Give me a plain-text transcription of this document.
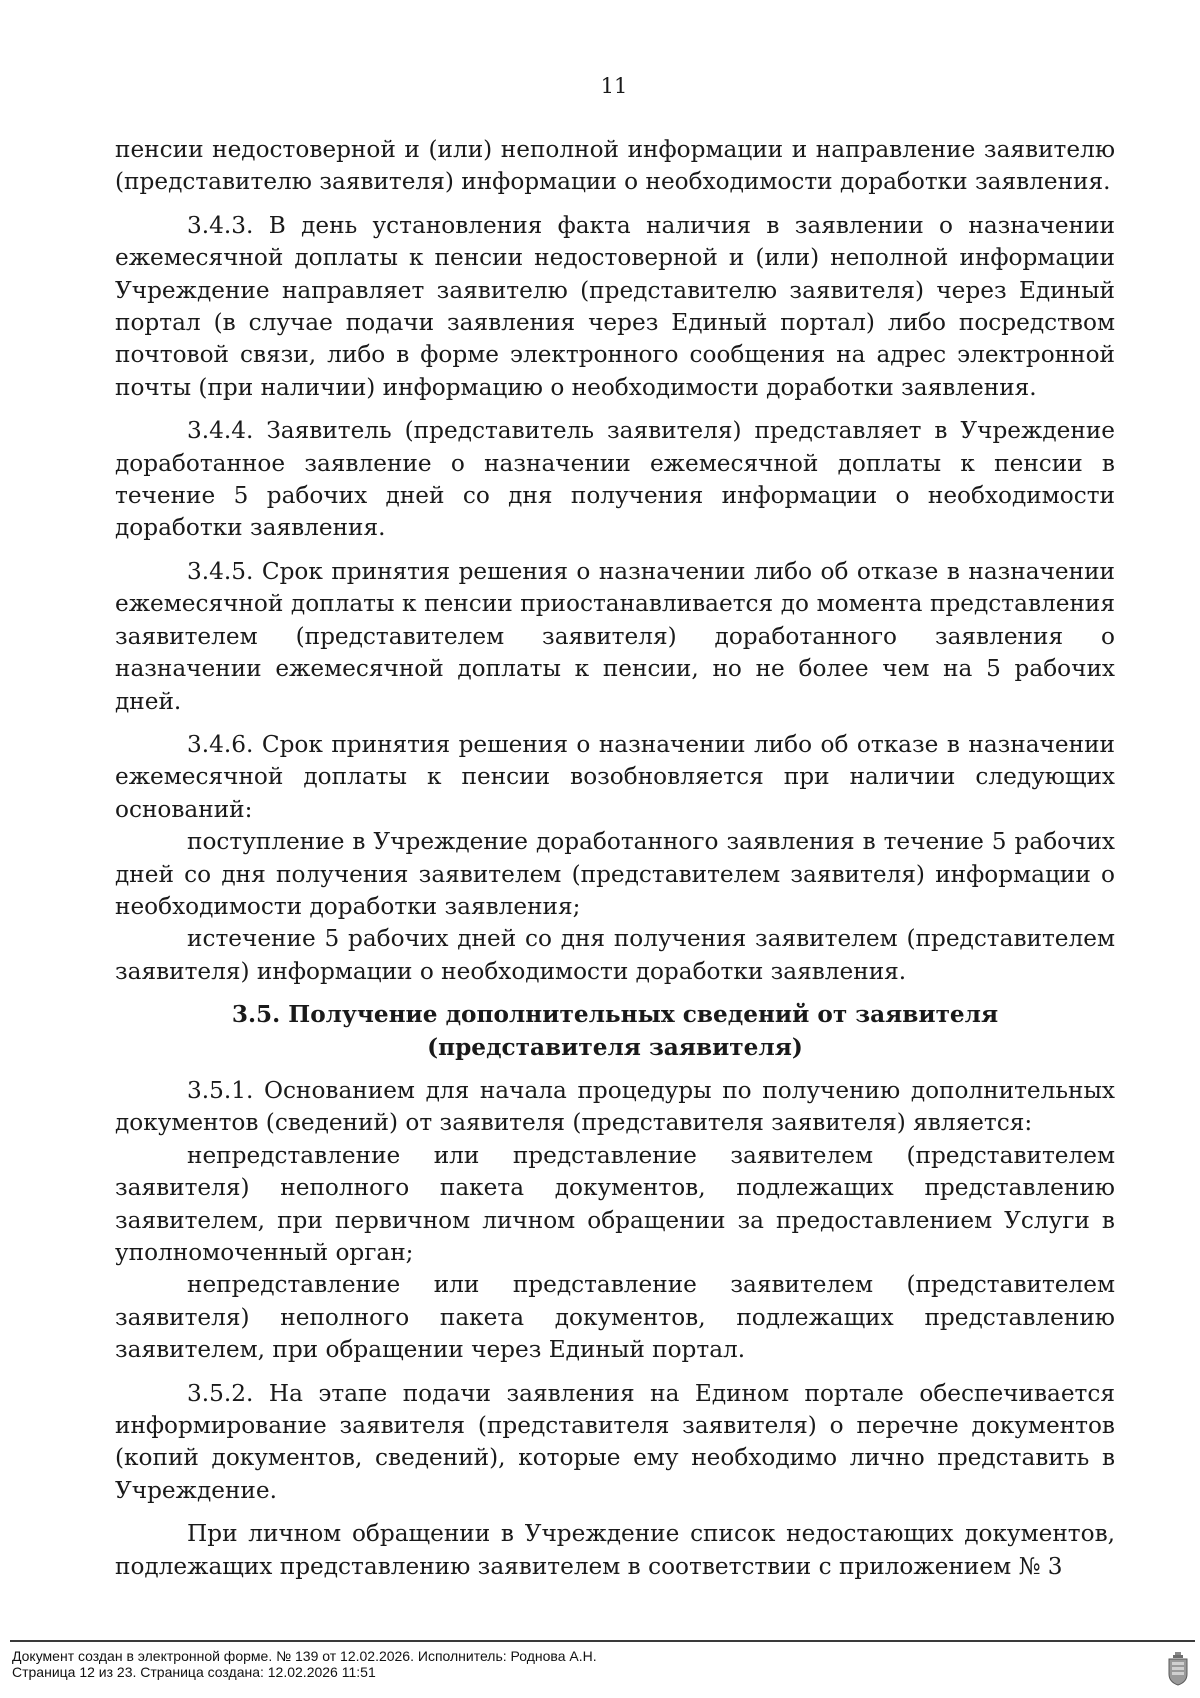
11

пенсии недостоверной и (или) неполной информации и направление заявителю (представителю заявителя) информации о необходимости доработки заявления.

3.4.3. В день установления факта наличия в заявлении о назначении ежемесячной доплаты к пенсии недостоверной и (или) неполной информации Учреждение направляет заявителю (представителю заявителя) через Единый портал (в случае подачи заявления через Единый портал) либо посредством почтовой связи, либо в форме электронного сообщения на адрес электронной почты (при наличии) информацию о необходимости доработки заявления.

3.4.4. Заявитель (представитель заявителя) представляет в Учреждение доработанное заявление о назначении ежемесячной доплаты к пенсии в течение 5 рабочих дней со дня получения информации о необходимости доработки заявления.

3.4.5. Срок принятия решения о назначении либо об отказе в назначении ежемесячной доплаты к пенсии приостанавливается до момента представления заявителем (представителем заявителя) доработанного заявления о назначении ежемесячной доплаты к пенсии, но не более чем на 5 рабочих дней.

3.4.6. Срок принятия решения о назначении либо об отказе в назначении ежемесячной доплаты к пенсии возобновляется при наличии следующих оснований:

поступление в Учреждение доработанного заявления в течение 5 рабочих дней со дня получения заявителем (представителем заявителя) информации о необходимости доработки заявления;

истечение 5 рабочих дней со дня получения заявителем (представителем заявителя) информации о необходимости доработки заявления.

3.5. Получение дополнительных сведений от заявителя (представителя заявителя)

3.5.1. Основанием для начала процедуры по получению дополнительных документов (сведений) от заявителя (представителя заявителя) является:

непредставление или представление заявителем (представителем заявителя) неполного пакета документов, подлежащих представлению заявителем, при первичном личном обращении за предоставлением Услуги в уполномоченный орган;

непредставление или представление заявителем (представителем заявителя) неполного пакета документов, подлежащих представлению заявителем, при обращении через Единый портал.

3.5.2. На этапе подачи заявления на Едином портале обеспечивается информирование заявителя (представителя заявителя) о перечне документов (копий документов, сведений), которые ему необходимо лично представить в Учреждение.

При личном обращении в Учреждение список недостающих документов, подлежащих представлению заявителем в соответствии с приложением № 3

Документ создан в электронной форме. № 139 от 12.02.2026. Исполнитель: Роднова А.Н.
Страница 12 из 23. Страница создана: 12.02.2026 11:51
